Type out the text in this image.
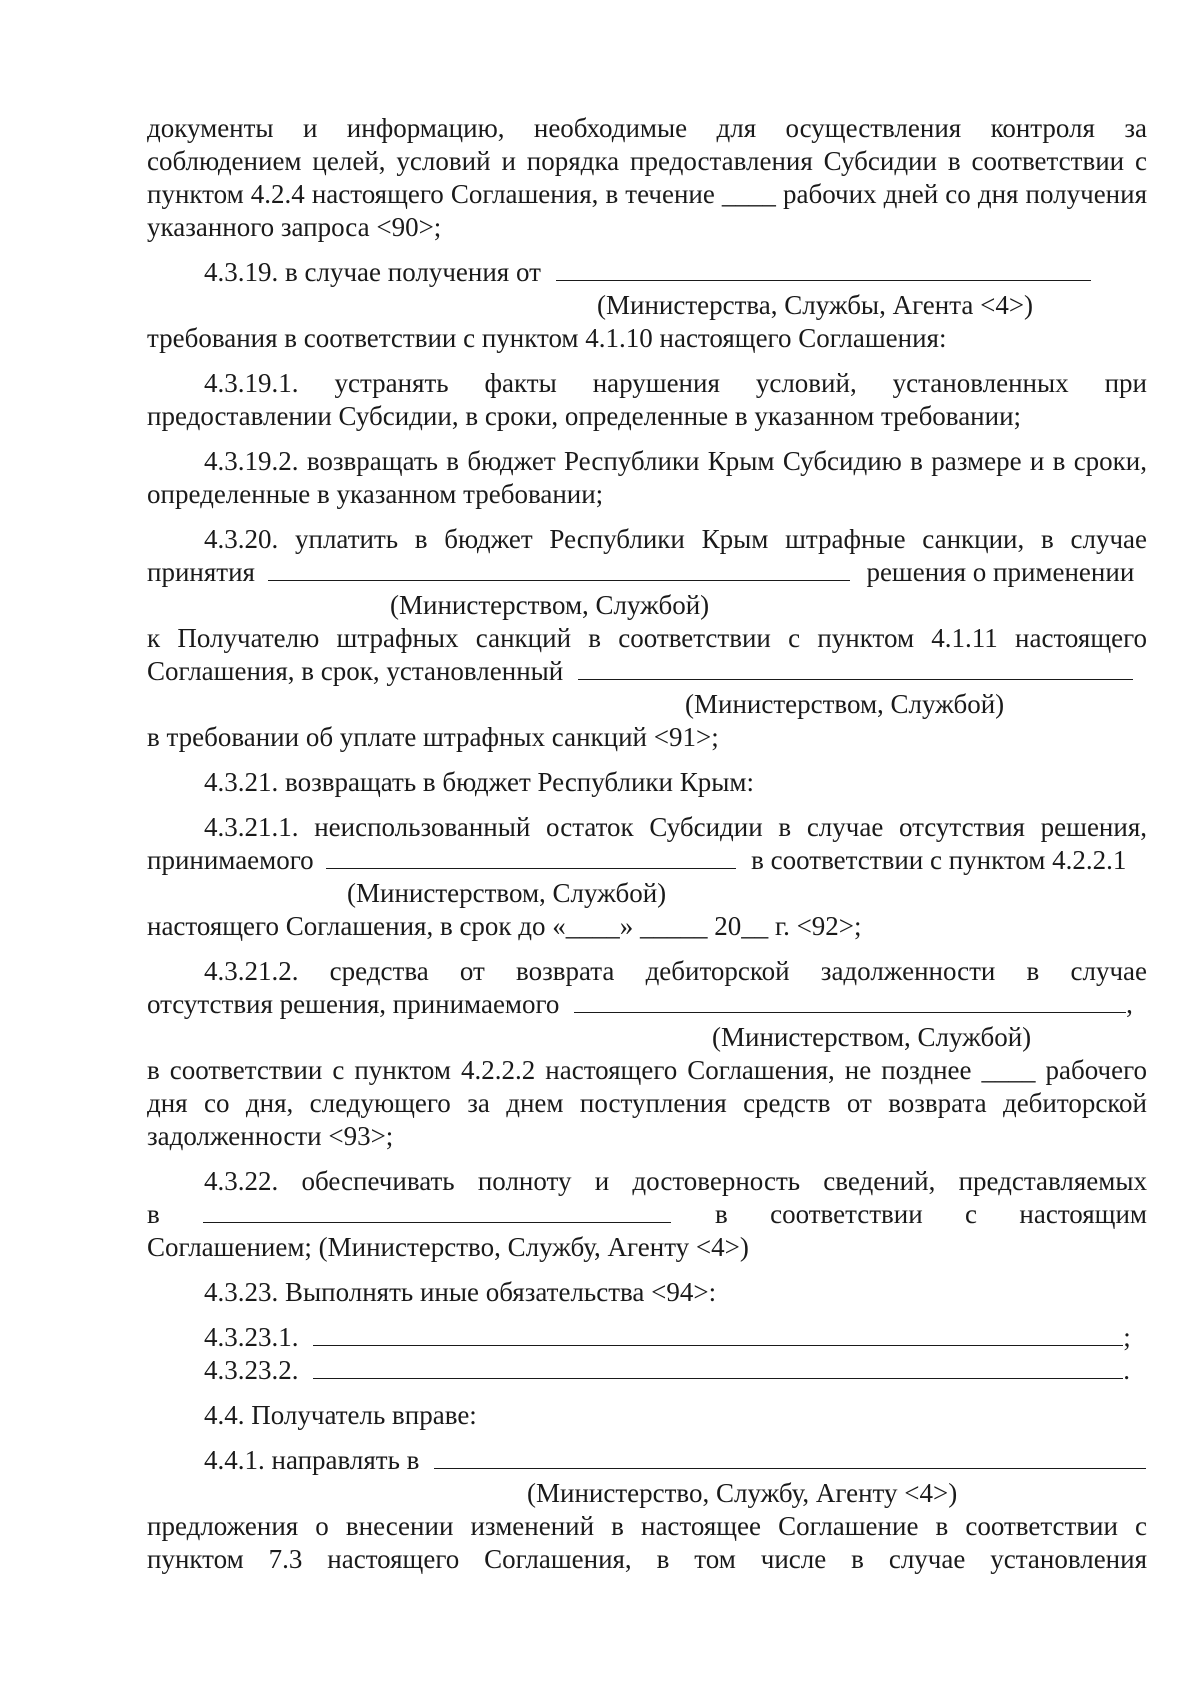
документы и информацию, необходимые для осуществления контроля за соблюдением целей, условий и порядка предоставления Субсидии в соответствии с пунктом 4.2.4 настоящего Соглашения, в течение ____ рабочих дней со дня получения указанного запроса <90>;

4.3.19. в случае получения от
(Министерства, Службы, Агента <4>)

требования в соответствии с пунктом 4.1.10 настоящего Соглашения:

4.3.19.1. устранять факты нарушения условий, установленных при предоставлении Субсидии, в сроки, определенные в указанном требовании;

4.3.19.2. возвращать в бюджет Республики Крым Субсидию в размере и в сроки, определенные в указанном требовании;

4.3.20. уплатить в бюджет Республики Крым штрафные санкции, в случае

принятия	решения о применении
(Министерством, Службой)

к Получателю штрафных санкций в соответствии с пунктом 4.1.11 настоящего

Соглашения, в срок, установленный
(Министерством, Службой)

в требовании об уплате штрафных санкций <91>;

4.3.21. возвращать в бюджет Республики Крым:

4.3.21.1. неиспользованный остаток Субсидии в случае отсутствия решения,

принимаемого	в соответствии с пунктом 4.2.2.1
(Министерством, Службой)

настоящего Соглашения, в срок до «____» _____ 20__ г. <92>;

4.3.21.2. средства от возврата дебиторской задолженности в случае

отсутствия решения, принимаемого	,
(Министерством, Службой)

в соответствии с пунктом 4.2.2.2 настоящего Соглашения, не позднее ____ рабочего дня со дня, следующего за днем поступления средств от возврата дебиторской задолженности <93>;

4.3.22. обеспечивать полноту и достоверность сведений, представляемых

в	в соответствии с настоящим

Соглашением; (Министерство, Службу, Агенту <4>)

4.3.23. Выполнять иные обязательства <94>:

4.3.23.1.	;
4.3.23.2.	.

4.4. Получатель вправе:

4.4.1. направлять в
(Министерство, Службу, Агенту <4>)

предложения о внесении изменений в настоящее Соглашение в соответствии с пунктом 7.3 настоящего Соглашения, в том числе в случае установления
